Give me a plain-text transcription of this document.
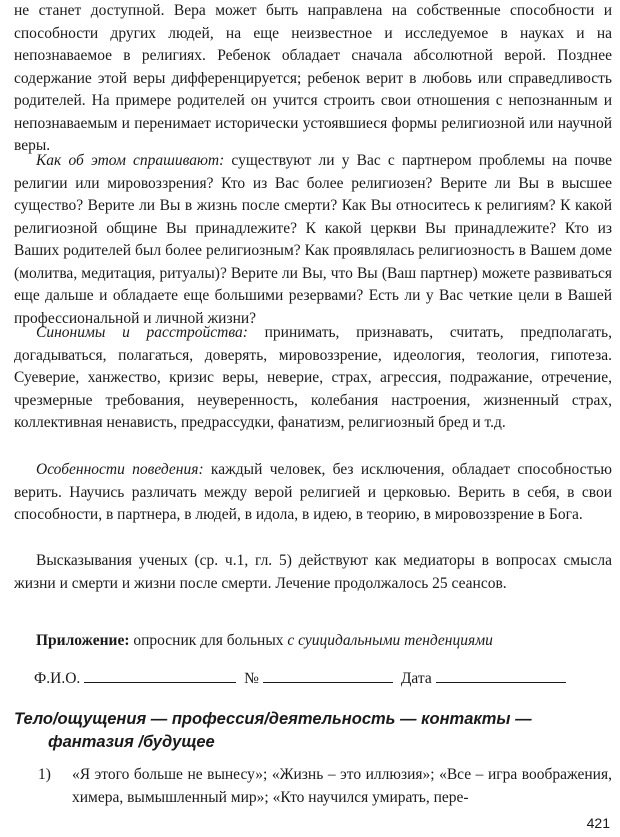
не станет доступной. Вера может быть направлена на собственные способности и способности других людей, на еще неизвестное и исследуемое в науках и на непознаваемое в религиях. Ребенок обладает сначала абсолютной верой. Позднее содержание этой веры дифференцируется; ребенок верит в любовь или справедливость родителей. На примере родителей он учится строить свои отношения с непознанным и непознаваемым и перенимает исторически устоявшиеся формы религиозной или научной веры.

Как об этом спрашивают: существуют ли у Вас с партнером проблемы на почве религии или мировоззрения? Кто из Вас более религиозен? Верите ли Вы в высшее существо? Верите ли Вы в жизнь после смерти? Как Вы относитесь к религиям? К какой религиозной общине Вы принадлежите? К какой церкви Вы принадлежите? Кто из Ваших родителей был более религиозным? Как проявлялась религиозность в Вашем доме (молитва, медитация, ритуалы)? Верите ли Вы, что Вы (Ваш партнер) можете развиваться еще дальше и обладаете еще большими резервами? Есть ли у Вас четкие цели в Вашей профессиональной и личной жизни?

Синонимы и расстройства: принимать, признавать, считать, предполагать, догадываться, полагаться, доверять, мировоззрение, идеология, теология, гипотеза. Суеверие, ханжество, кризис веры, неверие, страх, агрессия, подражание, отречение, чрезмерные требования, неуверенность, колебания настроения, жизненный страх, коллективная ненависть, предрассудки, фанатизм, религиозный бред и т.д.

Особенности поведения: каждый человек, без исключения, обладает способностью верить. Научись различать между верой религией и церковью. Верить в себя, в свои способности, в партнера, в людей, в идола, в идею, в теорию, в мировоззрение в Бога.

Высказывания ученых (ср. ч.1, гл. 5) действуют как медиаторы в вопросах смысла жизни и смерти и жизни после смерти. Лечение продолжалось 25 сеансов.

Приложение: опросник для больных с суицидальными тенденциями

Ф.И.О.	№	Дата
Тело/ощущения — профессия/деятельность — контакты —
фантазия /будущее
1) «Я этого больше не вынесу»; «Жизнь – это иллюзия»; «Все – игра воображения, химера, вымышленный мир»; «Кто научился умирать, пере-
421
